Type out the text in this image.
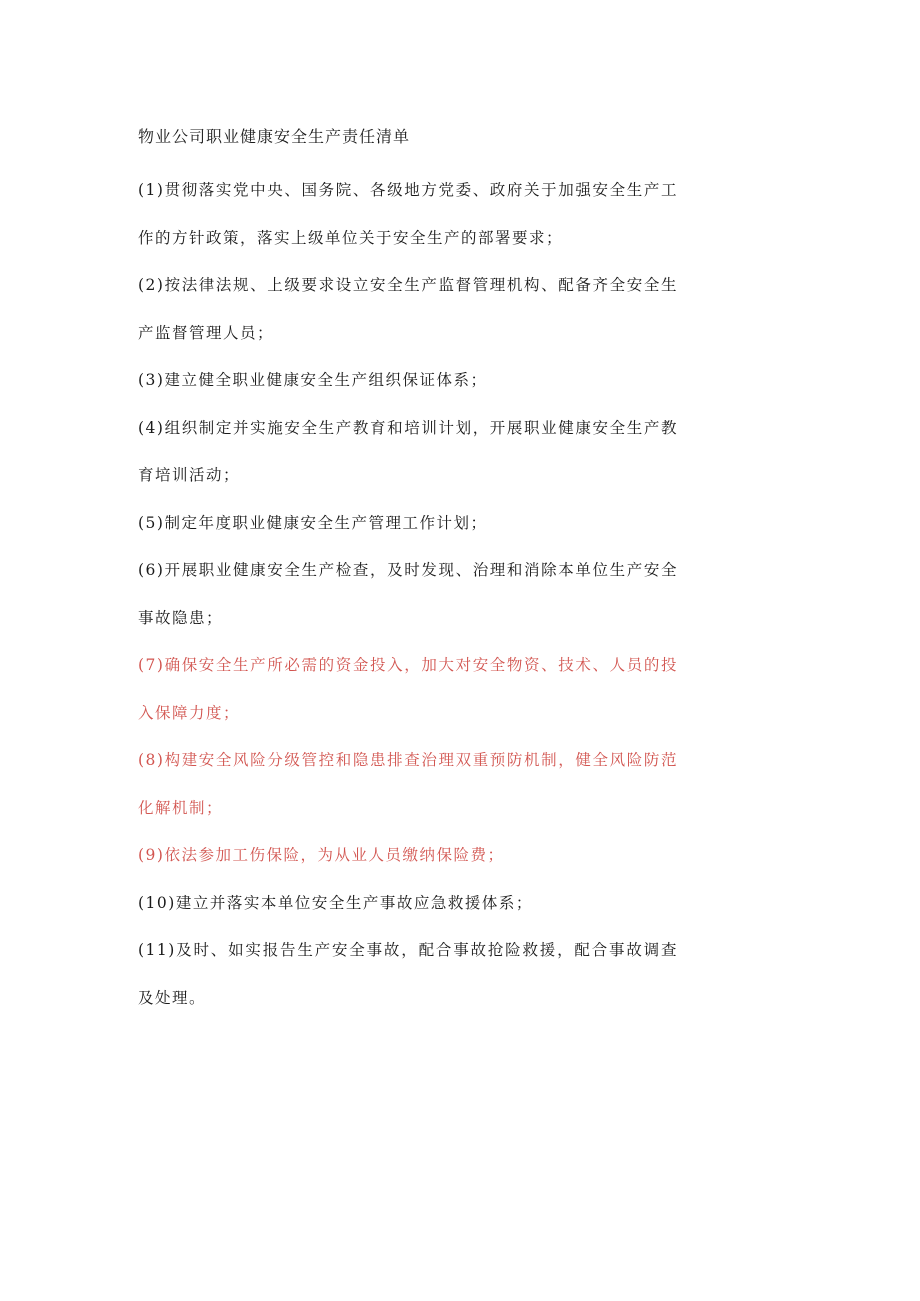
物业公司职业健康安全生产责任清单

(1)贯彻落实党中央、国务院、各级地方党委、政府关于加强安全生产工作的方针政策，落实上级单位关于安全生产的部署要求；

(2)按法律法规、上级要求设立安全生产监督管理机构、配备齐全安全生产监督管理人员；

(3)建立健全职业健康安全生产组织保证体系；

(4)组织制定并实施安全生产教育和培训计划，开展职业健康安全生产教育培训活动；

(5)制定年度职业健康安全生产管理工作计划；

(6)开展职业健康安全生产检查，及时发现、治理和消除本单位生产安全事故隐患；

(7)确保安全生产所必需的资金投入，加大对安全物资、技术、人员的投入保障力度；

(8)构建安全风险分级管控和隐患排查治理双重预防机制，健全风险防范化解机制；

(9)依法参加工伤保险，为从业人员缴纳保险费；

(10)建立并落实本单位安全生产事故应急救援体系；

(11)及时、如实报告生产安全事故，配合事故抢险救援，配合事故调查及处理。
